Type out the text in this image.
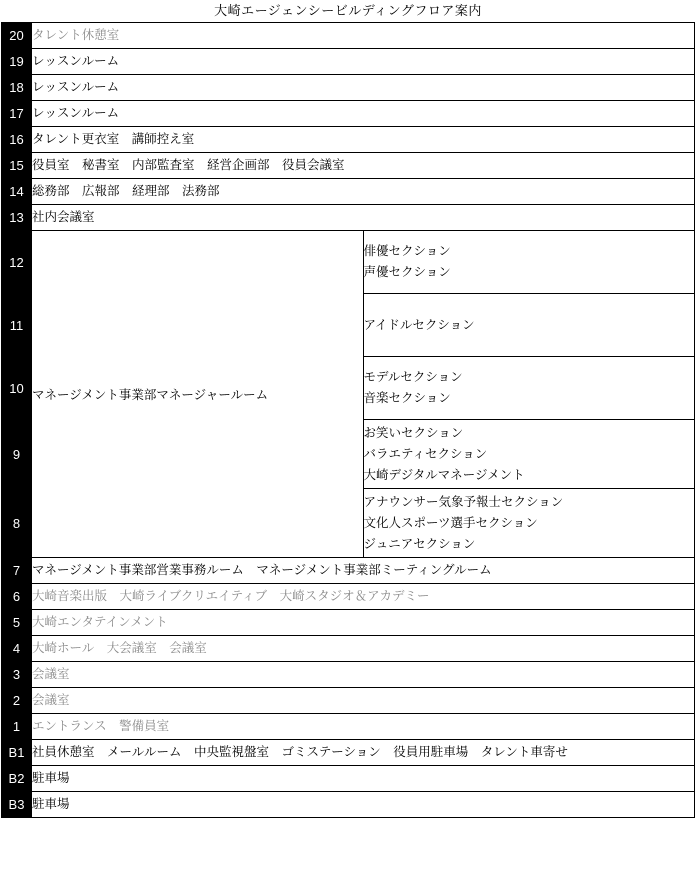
大崎エージェンシービルディングフロア案内
20	タレント休憩室	
19	レッスンルーム	
18	レッスンルーム	
17	レッスンルーム	
16	タレント更衣室　講師控え室	
15	役員室　秘書室　内部監査室　経営企画部　役員会議室	
14	総務部　広報部　経理部　法務部	
13	社内会議室	
12	マネージメント事業部マネージャールーム	俳優セクション
声優セクション

11		アイドルセクション

10		モデルセクション
音楽セクション

9		お笑いセクション
バラエティセクション
大崎デジタルマネージメント

8		アナウンサー気象予報士セクション
文化人スポーツ選手セクション
ジュニアセクション

7	マネージメント事業部営業事務ルーム　マネージメント事業部ミーティングルーム	
6	大崎音楽出版　大崎ライブクリエイティブ　大崎スタジオ＆アカデミー	
5	大崎エンタテインメント	
4	大崎ホール　大会議室　会議室	
3	会議室	
2	会議室	
1	エントランス　警備員室	
B1	社員休憩室　メールルーム　中央監視盤室　ゴミステーション　役員用駐車場　タレント車寄せ	
B2	駐車場	
B3	駐車場	
